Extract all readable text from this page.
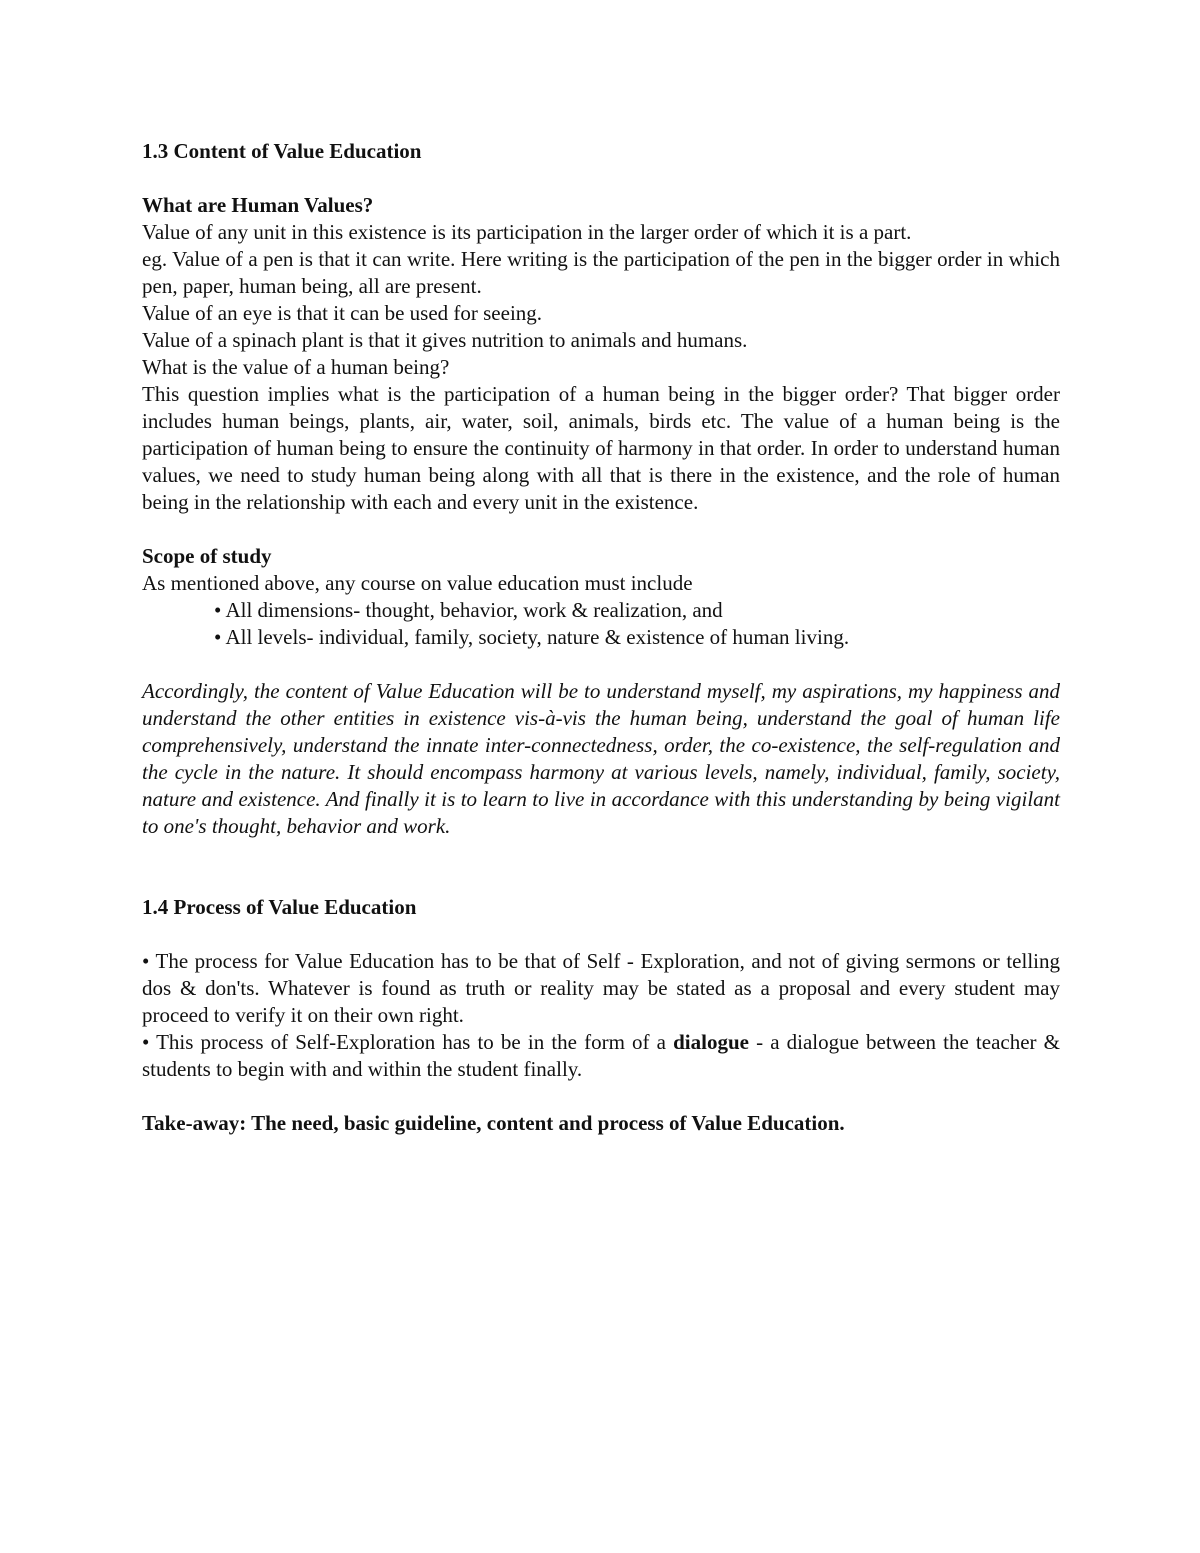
1.3 Content of Value Education

What are Human Values?

Value of any unit in this existence is its participation in the larger order of which it is a part.

eg. Value of a pen is that it can write. Here writing is the participation of the pen in the bigger order in which pen, paper, human being, all are present.

Value of an eye is that it can be used for seeing.

Value of a spinach plant is that it gives nutrition to animals and humans.

What is the value of a human being?

This question implies what is the participation of a human being in the bigger order? That bigger order includes human beings, plants, air, water, soil, animals, birds etc. The value of a human being is the participation of human being to ensure the continuity of harmony in that order. In order to understand human values, we need to study human being along with all that is there in the existence, and the role of human being in the relationship with each and every unit in the existence.

Scope of study

As mentioned above, any course on value education must include

• All dimensions- thought, behavior, work & realization, and
• All levels- individual, family, society, nature & existence of human living.

Accordingly, the content of Value Education will be to understand myself, my aspirations, my happiness and understand the other entities in existence vis-à-vis the human being, understand the goal of human life comprehensively, understand the innate inter-connectedness, order, the co-existence, the self-regulation and the cycle in the nature. It should encompass harmony at various levels, namely, individual, family, society, nature and existence. And finally it is to learn to live in accordance with this understanding by being vigilant to one's thought, behavior and work.

1.4 Process of Value Education

• The process for Value Education has to be that of Self - Exploration, and not of giving sermons or telling dos & don'ts. Whatever is found as truth or reality may be stated as a proposal and every student may proceed to verify it on their own right.

• This process of Self-Exploration has to be in the form of a dialogue - a dialogue between the teacher & students to begin with and within the student finally.

Take-away: The need, basic guideline, content and process of Value Education.
